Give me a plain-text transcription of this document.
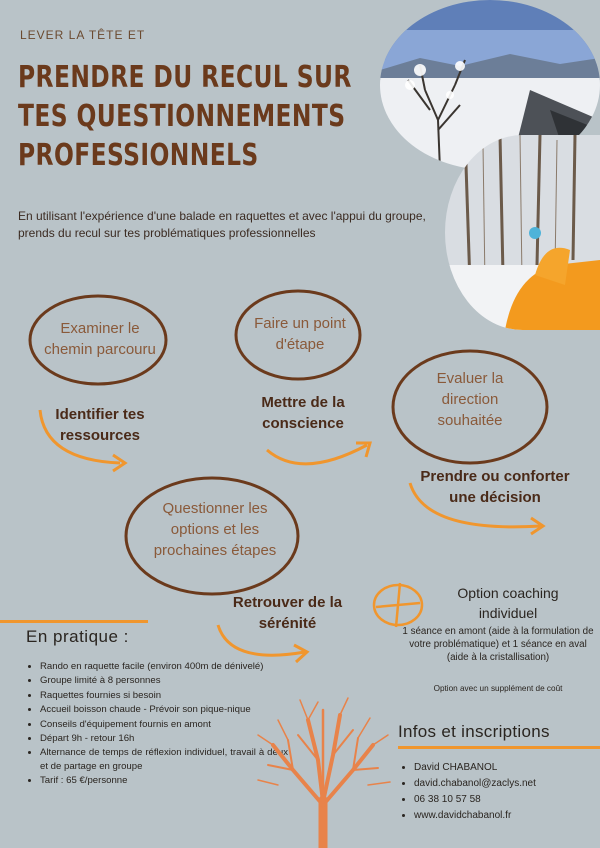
LEVER LA TÊTE ET
PRENDRE DU RECUL SUR
TES QUESTIONNEMENTS
PROFESSIONNELS
En utilisant l'expérience d'une balade en raquettes et avec l'appui du groupe, prends du recul sur tes problématiques professionnelles
Examiner le
chemin parcouru
Identifier tes
ressources
Faire un point
d'étape
Mettre de la
conscience
Evaluer la
direction
souhaitée
Prendre ou conforter
une décision
Questionner les
options et les
prochaines étapes
Retrouver de la
sérénité
Option coaching individuel
1 séance en amont (aide à la formulation de votre problématique) et 1 séance en aval (aide à la cristallisation)
Option avec un supplément de coût
En pratique :
• Rando en raquette facile (environ 400m de dénivelé)
• Groupe limité à 8 personnes
• Raquettes fournies si besoin
• Accueil boisson chaude - Prévoir son pique-nique
• Conseils d'équipement fournis en amont
• Départ 9h - retour 16h
• Alternance de temps de réflexion individuel, travail à deux et de partage en groupe
• Tarif : 65 €/personne
Infos et inscriptions
• David CHABANOL
• david.chabanol@zaclys.net
• 06 38 10 57 58
• www.davidchabanol.fr
